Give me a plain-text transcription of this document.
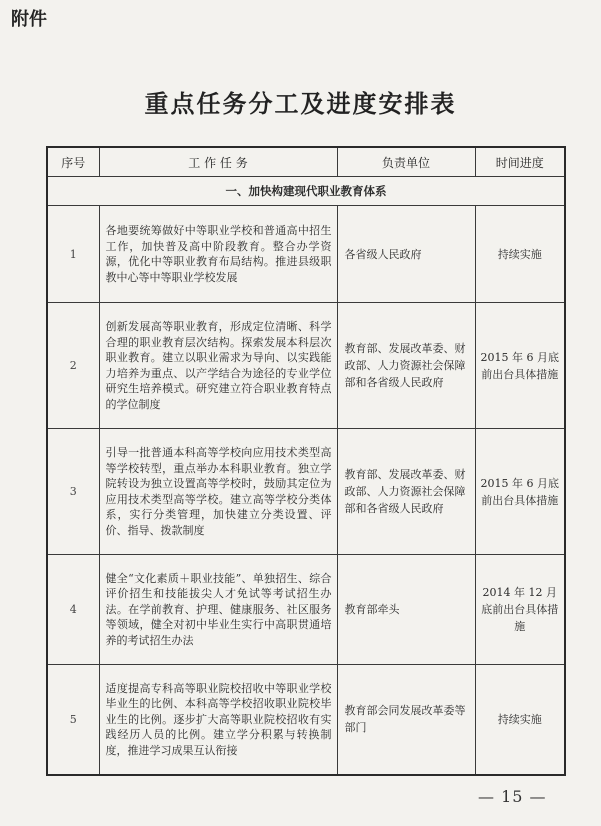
附件
重点任务分工及进度安排表
序号	工 作 任 务	负责单位	时间进度
一、加快构建现代职业教育体系			
1	各地要统筹做好中等职业学校和普通高中招生工作，加快普及高中阶段教育。整合办学资源，优化中等职业教育布局结构。推进县级职教中心等中等职业学校发展	各省级人民政府	持续实施
2	创新发展高等职业教育，形成定位清晰、科学合理的职业教育层次结构。探索发展本科层次职业教育。建立以职业需求为导向、以实践能力培养为重点、以产学结合为途径的专业学位研究生培养模式。研究建立符合职业教育特点的学位制度	教育部、发展改革委、财政部、人力资源社会保障部和各省级人民政府	2015 年 6 月底前出台具体措施
3	引导一批普通本科高等学校向应用技术类型高等学校转型，重点举办本科职业教育。独立学院转设为独立设置高等学校时，鼓励其定位为应用技术类型高等学校。建立高等学校分类体系，实行分类管理，加快建立分类设置、评价、指导、拨款制度	教育部、发展改革委、财政部、人力资源社会保障部和各省级人民政府	2015 年 6 月底前出台具体措施
4	健全“文化素质＋职业技能”、单独招生、综合评价招生和技能拔尖人才免试等考试招生办法。在学前教育、护理、健康服务、社区服务等领域，健全对初中毕业生实行中高职贯通培养的考试招生办法	教育部牵头	2014 年 12 月底前出台具体措施
5	适度提高专科高等职业院校招收中等职业学校毕业生的比例、本科高等学校招收职业院校毕业生的比例。逐步扩大高等职业院校招收有实践经历人员的比例。建立学分积累与转换制度，推进学习成果互认衔接	教育部会同发展改革委等部门	持续实施
— 15 —
